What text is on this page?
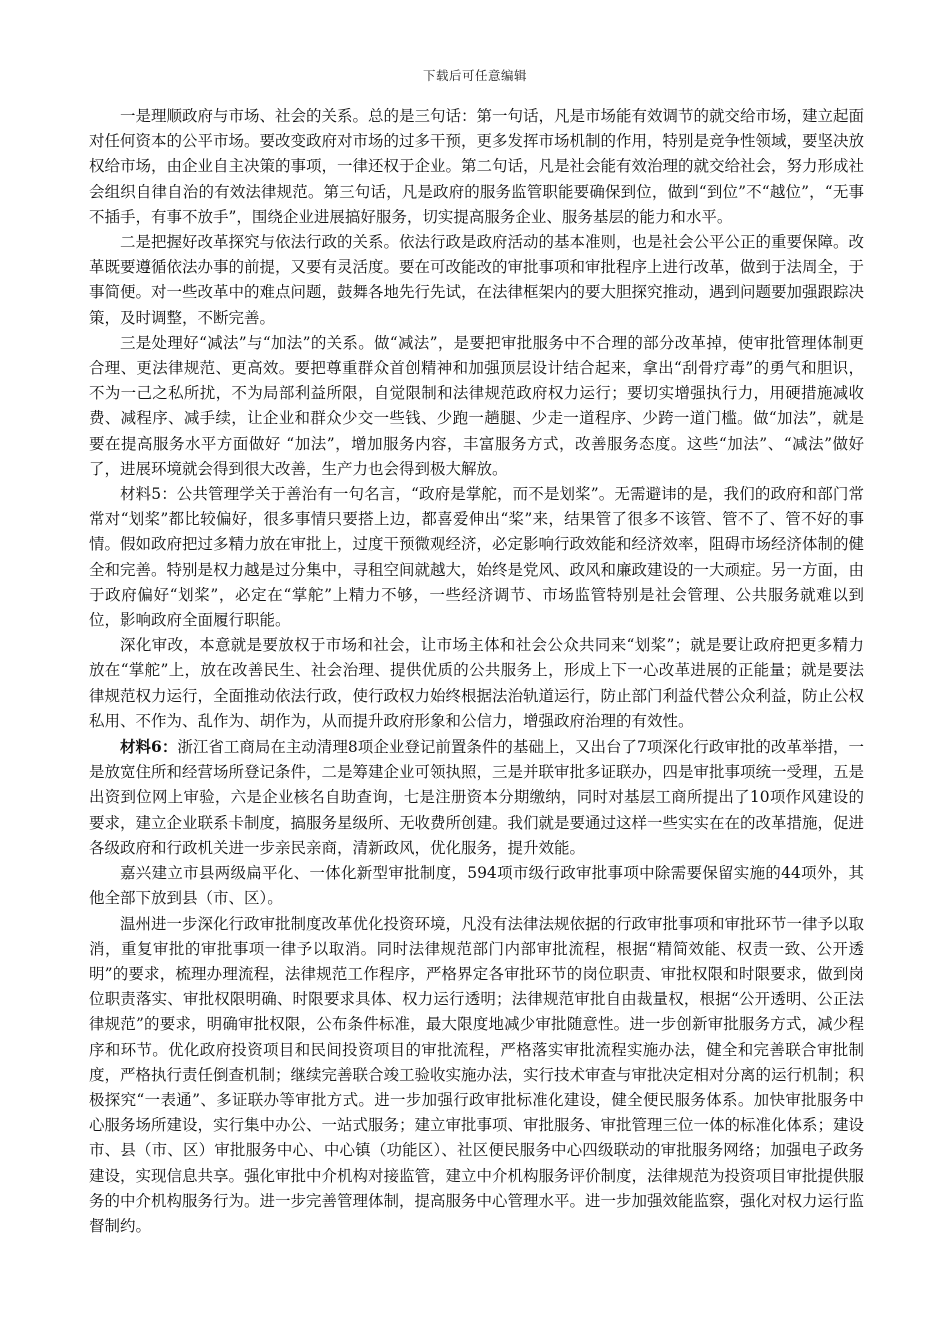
下载后可任意编辑

一是理顺政府与市场、社会的关系。总的是三句话：第一句话，凡是市场能有效调节的就交给市场，建立起面对任何资本的公平市场。要改变政府对市场的过多干预，更多发挥市场机制的作用，特别是竞争性领域，要坚决放权给市场，由企业自主决策的事项，一律还权于企业。第二句话，凡是社会能有效治理的就交给社会，努力形成社会组织自律自治的有效法律规范。第三句话，凡是政府的服务监管职能要确保到位，做到“到位”不“越位”，“无事不插手，有事不放手”，围绕企业进展搞好服务，切实提高服务企业、服务基层的能力和水平。

二是把握好改革探究与依法行政的关系。依法行政是政府活动的基本准则，也是社会公平公正的重要保障。改革既要遵循依法办事的前提，又要有灵活度。要在可改能改的审批事项和审批程序上进行改革，做到于法周全，于事简便。对一些改革中的难点问题，鼓舞各地先行先试，在法律框架内的要大胆探究推动，遇到问题要加强跟踪决策，及时调整，不断完善。

三是处理好“减法”与“加法”的关系。做“减法”，是要把审批服务中不合理的部分改革掉，使审批管理体制更合理、更法律规范、更高效。要把尊重群众首创精神和加强顶层设计结合起来，拿出“刮骨疗毒”的勇气和胆识，不为一己之私所扰，不为局部利益所限，自觉限制和法律规范政府权力运行；要切实增强执行力，用硬措施减收费、减程序、减手续，让企业和群众少交一些钱、少跑一趟腿、少走一道程序、少跨一道门槛。做“加法”，就是要在提高服务水平方面做好 “加法”，增加服务内容，丰富服务方式，改善服务态度。这些“加法”、“减法”做好了，进展环境就会得到很大改善，生产力也会得到极大解放。

材料5：公共管理学关于善治有一句名言，“政府是掌舵，而不是划桨”。无需避讳的是，我们的政府和部门常常对“划桨”都比较偏好，很多事情只要搭上边，都喜爱伸出“桨”来，结果管了很多不该管、管不了、管不好的事情。假如政府把过多精力放在审批上，过度干预微观经济，必定影响行政效能和经济效率，阻碍市场经济体制的健全和完善。特别是权力越是过分集中，寻租空间就越大，始终是党风、政风和廉政建设的一大顽症。另一方面，由于政府偏好“划桨”，必定在“掌舵”上精力不够，一些经济调节、市场监管特别是社会管理、公共服务就难以到位，影响政府全面履行职能。

深化审改，本意就是要放权于市场和社会，让市场主体和社会公众共同来“划桨”；就是要让政府把更多精力放在“掌舵”上，放在改善民生、社会治理、提供优质的公共服务上，形成上下一心改革进展的正能量；就是要法律规范权力运行，全面推动依法行政，使行政权力始终根据法治轨道运行，防止部门利益代替公众利益，防止公权私用、不作为、乱作为、胡作为，从而提升政府形象和公信力，增强政府治理的有效性。

材料6：浙江省工商局在主动清理8项企业登记前置条件的基础上，又出台了7项深化行政审批的改革举措，一是放宽住所和经营场所登记条件，二是筹建企业可领执照，三是并联审批多证联办，四是审批事项统一受理，五是出资到位网上审验，六是企业核名自助查询，七是注册资本分期缴纳，同时对基层工商所提出了10项作风建设的要求，建立企业联系卡制度，搞服务星级所、无收费所创建。我们就是要通过这样一些实实在在的改革措施，促进各级政府和行政机关进一步亲民亲商，清新政风，优化服务，提升效能。

嘉兴建立市县两级扁平化、一体化新型审批制度，594项市级行政审批事项中除需要保留实施的44项外，其他全部下放到县（市、区）。

温州进一步深化行政审批制度改革优化投资环境，凡没有法律法规依据的行政审批事项和审批环节一律予以取消，重复审批的审批事项一律予以取消。同时法律规范部门内部审批流程，根据“精简效能、权责一致、公开透明”的要求，梳理办理流程，法律规范工作程序，严格界定各审批环节的岗位职责、审批权限和时限要求，做到岗位职责落实、审批权限明确、时限要求具体、权力运行透明；法律规范审批自由裁量权，根据“公开透明、公正法律规范”的要求，明确审批权限，公布条件标准，最大限度地减少审批随意性。进一步创新审批服务方式，减少程序和环节。优化政府投资项目和民间投资项目的审批流程，严格落实审批流程实施办法，健全和完善联合审批制度，严格执行责任倒查机制；继续完善联合竣工验收实施办法，实行技术审查与审批决定相对分离的运行机制；积极探究“一表通”、多证联办等审批方式。进一步加强行政审批标准化建设，健全便民服务体系。加快审批服务中心服务场所建设，实行集中办公、一站式服务；建立审批事项、审批服务、审批管理三位一体的标准化体系；建设市、县（市、区）审批服务中心、中心镇（功能区）、社区便民服务中心四级联动的审批服务网络；加强电子政务建设，实现信息共享。强化审批中介机构对接监管，建立中介机构服务评价制度，法律规范为投资项目审批提供服务的中介机构服务行为。进一步完善管理体制，提高服务中心管理水平。进一步加强效能监察，强化对权力运行监督制约。
